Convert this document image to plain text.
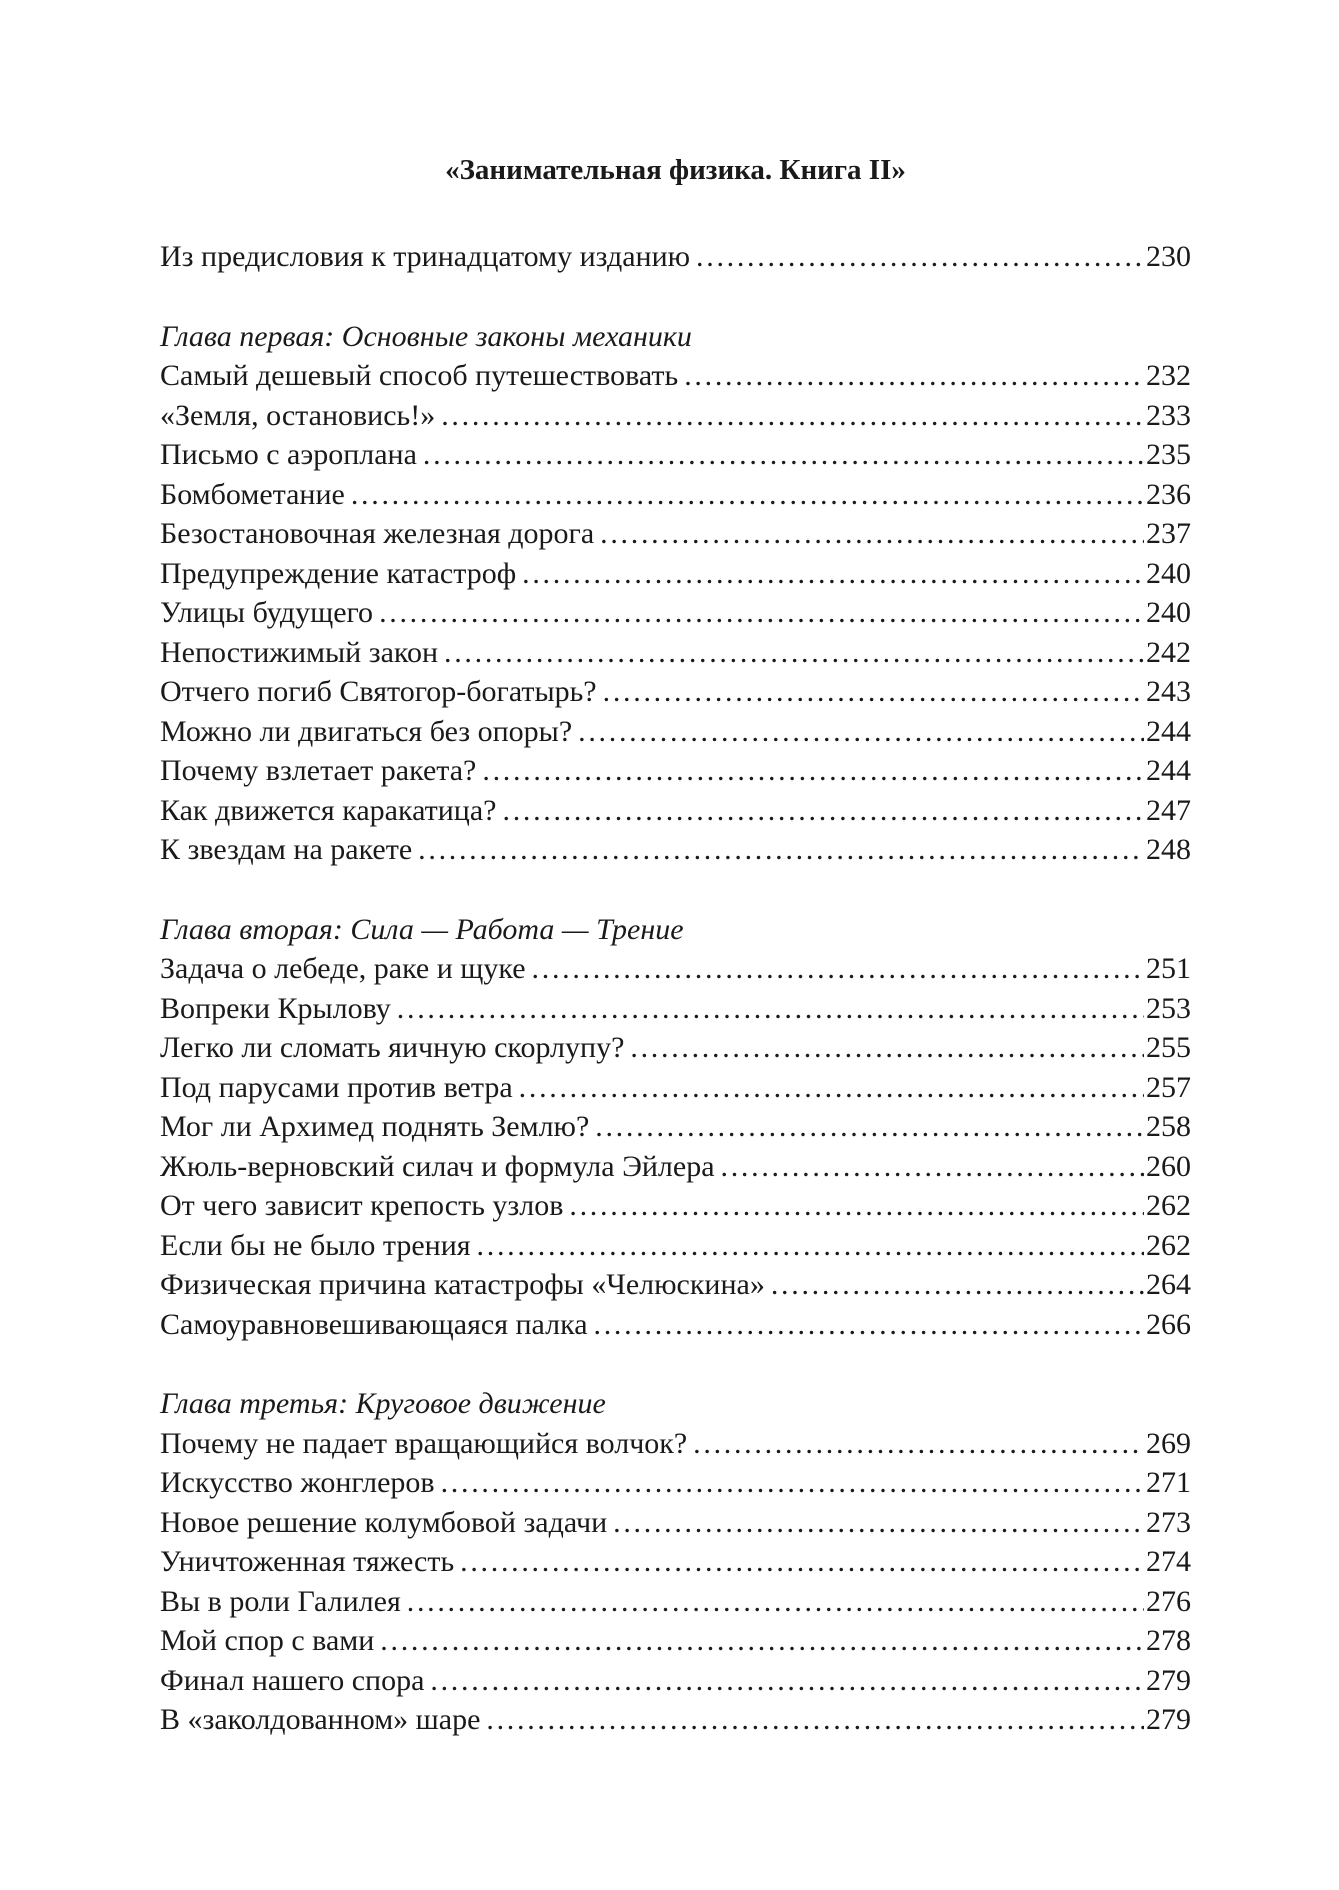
«Занимательная физика. Книга II»
Из предисловия к тринадцатому изданию . . .	230
Глава первая: Основные законы механики
Самый дешевый способ путешествовать . . .	232
«Земля, остановись!» . . .	233
Письмо с аэроплана . . .	235
Бомбометание . . .	236
Безостановочная железная дорога . . .	237
Предупреждение катастроф . . .	240
Улицы будущего . . .	240
Непостижимый закон . . .	242
Отчего погиб Святогор-богатырь? . . .	243
Можно ли двигаться без опоры? . . .	244
Почему взлетает ракета? . . .	244
Как движется каракатица? . . .	247
К звездам на ракете . . .	248
Глава вторая: Сила — Работа — Трение
Задача о лебеде, раке и щуке . . .	251
Вопреки Крылову . . .	253
Легко ли сломать яичную скорлупу? . . .	255
Под парусами против ветра . . .	257
Мог ли Архимед поднять Землю? . . .	258
Жюль-верновский силач и формула Эйлера . . .	260
От чего зависит крепость узлов . . .	262
Если бы не было трения . . .	262
Физическая причина катастрофы «Челюскина» . . .	264
Самоуравновешивающаяся палка . . .	266
Глава третья: Круговое движение
Почему не падает вращающийся волчок? . . .	269
Искусство жонглеров . . .	271
Новое решение колумбовой задачи . . .	273
Уничтоженная тяжесть . . .	274
Вы в роли Галилея . . .	276
Мой спор с вами . . .	278
Финал нашего спора . . .	279
В «заколдованном» шаре . . .	279
